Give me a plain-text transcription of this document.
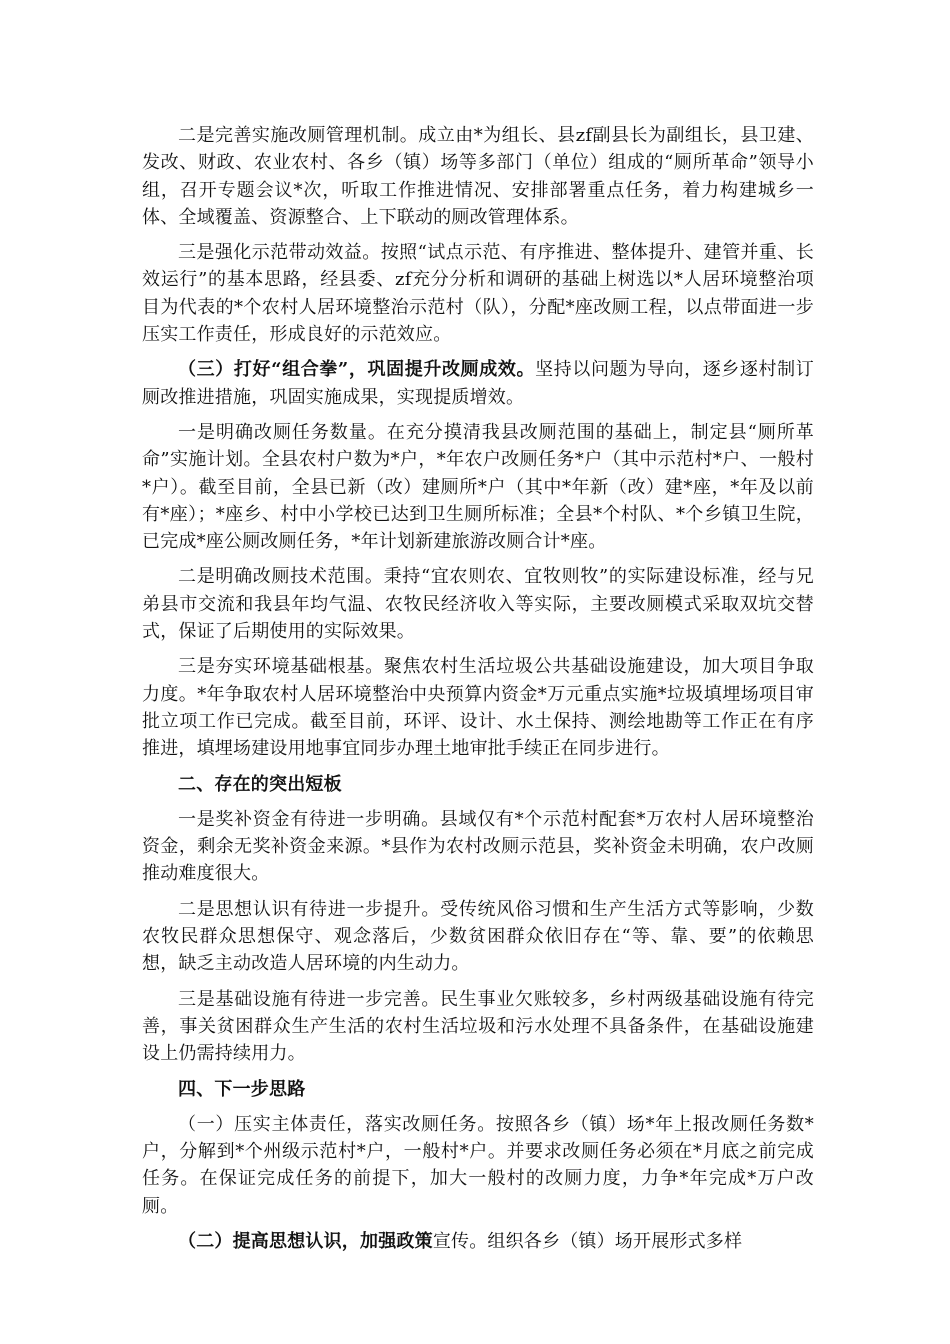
二是完善实施改厕管理机制。成立由*为组长、县zf副县长为副组长，县卫建、发改、财政、农业农村、各乡（镇）场等多部门（单位）组成的“厕所革命”领导小组，召开专题会议*次，听取工作推进情况、安排部署重点任务，着力构建城乡一体、全域覆盖、资源整合、上下联动的厕改管理体系。

三是强化示范带动效益。按照“试点示范、有序推进、整体提升、建管并重、长效运行”的基本思路，经县委、zf充分分析和调研的基础上树选以*人居环境整治项目为代表的*个农村人居环境整治示范村（队），分配*座改厕工程，以点带面进一步压实工作责任，形成良好的示范效应。

（三）打好“组合拳”，巩固提升改厕成效。坚持以问题为导向，逐乡逐村制订厕改推进措施，巩固实施成果，实现提质增效。

一是明确改厕任务数量。在充分摸清我县改厕范围的基础上，制定县“厕所革命”实施计划。全县农村户数为*户，*年农户改厕任务*户（其中示范村*户、一般村*户）。截至目前，全县已新（改）建厕所*户（其中*年新（改）建*座，*年及以前有*座）；*座乡、村中小学校已达到卫生厕所标准；全县*个村队、*个乡镇卫生院，已完成*座公厕改厕任务，*年计划新建旅游改厕合计*座。

二是明确改厕技术范围。秉持“宜农则农、宜牧则牧”的实际建设标准，经与兄弟县市交流和我县年均气温、农牧民经济收入等实际，主要改厕模式采取双坑交替式，保证了后期使用的实际效果。

三是夯实环境基础根基。聚焦农村生活垃圾公共基础设施建设，加大项目争取力度。*年争取农村人居环境整治中央预算内资金*万元重点实施*垃圾填埋场项目审批立项工作已完成。截至目前，环评、设计、水土保持、测绘地勘等工作正在有序推进，填埋场建设用地事宜同步办理土地审批手续正在同步进行。

二、存在的突出短板

一是奖补资金有待进一步明确。县域仅有*个示范村配套*万农村人居环境整治资金，剩余无奖补资金来源。*县作为农村改厕示范县，奖补资金未明确，农户改厕推动难度很大。

二是思想认识有待进一步提升。受传统风俗习惯和生产生活方式等影响，少数农牧民群众思想保守、观念落后，少数贫困群众依旧存在“等、靠、要”的依赖思想，缺乏主动改造人居环境的内生动力。

三是基础设施有待进一步完善。民生事业欠账较多，乡村两级基础设施有待完善，事关贫困群众生产生活的农村生活垃圾和污水处理不具备条件，在基础设施建设上仍需持续用力。

四、下一步思路

（一）压实主体责任，落实改厕任务。按照各乡（镇）场*年上报改厕任务数*户，分解到*个州级示范村*户，一般村*户。并要求改厕任务必须在*月底之前完成任务。在保证完成任务的前提下，加大一般村的改厕力度，力争*年完成*万户改厕。

（二）提高思想认识，加强政策宣传。组织各乡（镇）场开展形式多样
